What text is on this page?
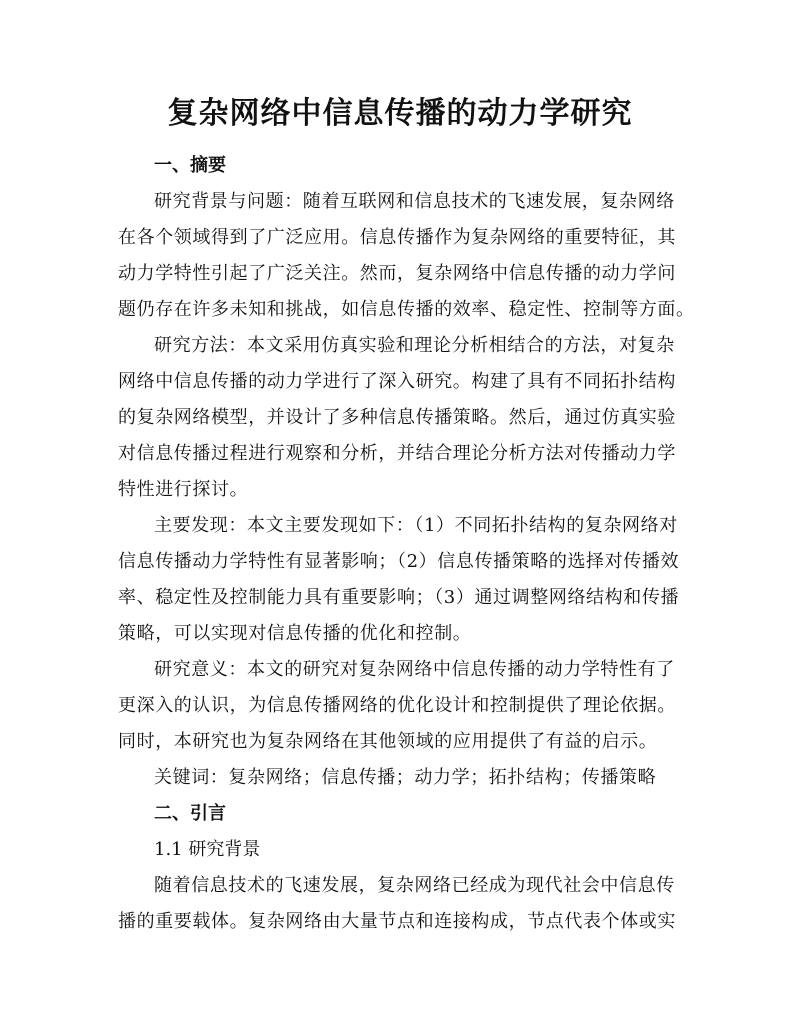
复杂网络中信息传播的动力学研究
一、摘要
研究背景与问题：随着互联网和信息技术的飞速发展，复杂网络
在各个领域得到了广泛应用。信息传播作为复杂网络的重要特征，其
动力学特性引起了广泛关注。然而，复杂网络中信息传播的动力学问
题仍存在许多未知和挑战，如信息传播的效率、稳定性、控制等方面。
研究方法：本文采用仿真实验和理论分析相结合的方法，对复杂
网络中信息传播的动力学进行了深入研究。构建了具有不同拓扑结构
的复杂网络模型，并设计了多种信息传播策略。然后，通过仿真实验
对信息传播过程进行观察和分析，并结合理论分析方法对传播动力学
特性进行探讨。
主要发现：本文主要发现如下：（1）不同拓扑结构的复杂网络对
信息传播动力学特性有显著影响；（2）信息传播策略的选择对传播效
率、稳定性及控制能力具有重要影响；（3）通过调整网络结构和传播
策略，可以实现对信息传播的优化和控制。
研究意义：本文的研究对复杂网络中信息传播的动力学特性有了
更深入的认识，为信息传播网络的优化设计和控制提供了理论依据。
同时，本研究也为复杂网络在其他领域的应用提供了有益的启示。
关键词：复杂网络；信息传播；动力学；拓扑结构；传播策略
二、引言
1.1 研究背景
随着信息技术的飞速发展，复杂网络已经成为现代社会中信息传
播的重要载体。复杂网络由大量节点和连接构成，节点代表个体或实
